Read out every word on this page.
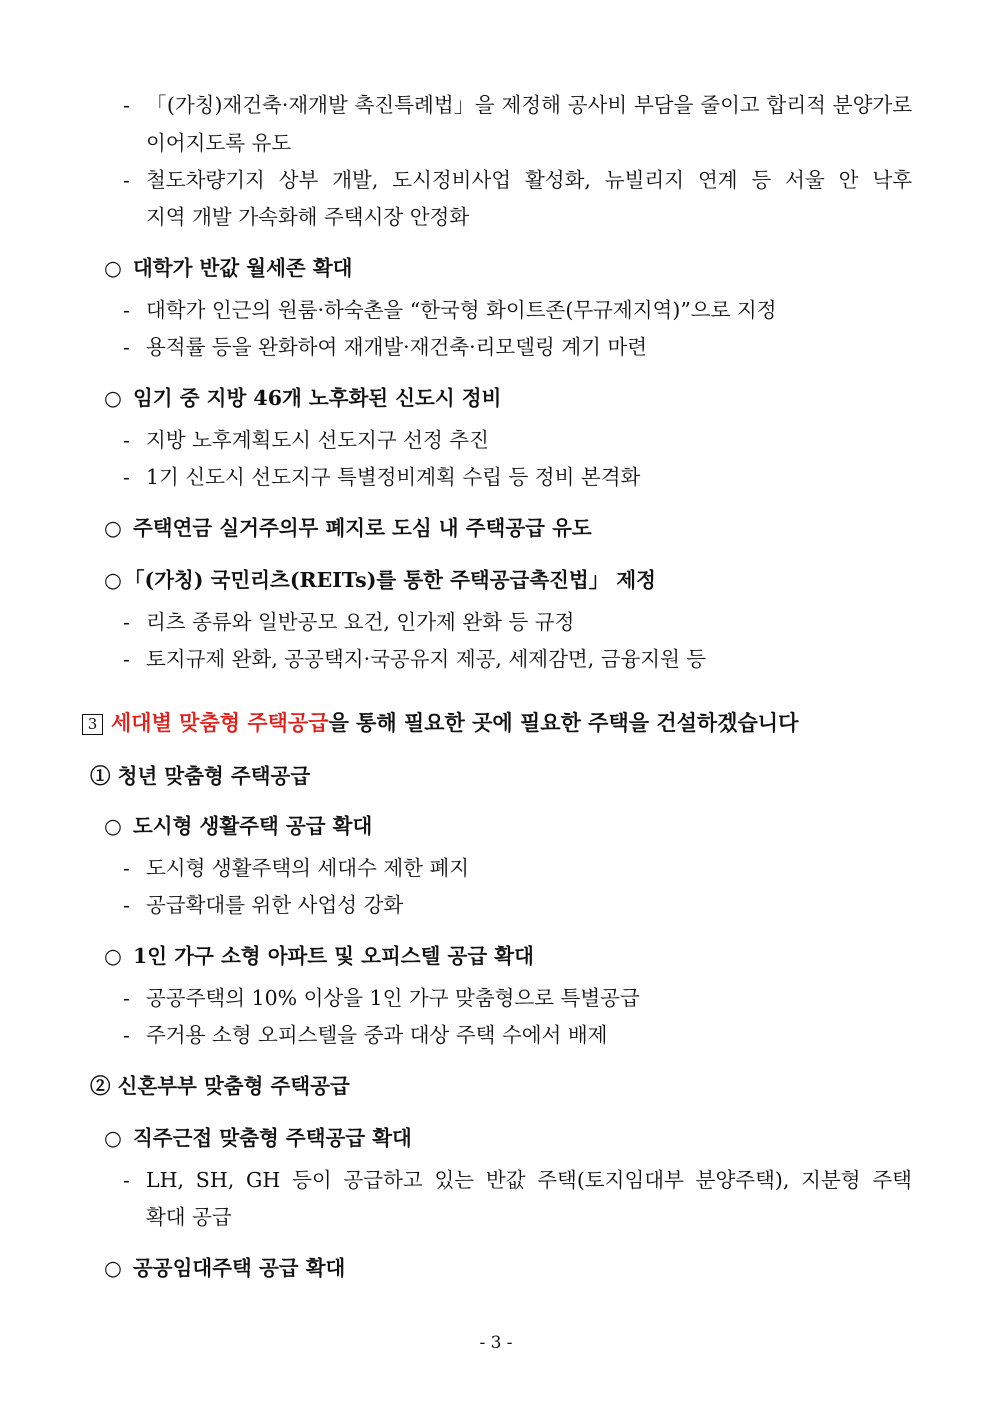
- 「(가칭)재건축·재개발 촉진특례법」을 제정해 공사비 부담을 줄이고 합리적 분양가로
이어지도록 유도
- 철도차량기지 상부 개발, 도시정비사업 활성화, 뉴빌리지 연계 등 서울 안 낙후
지역 개발 가속화해 주택시장 안정화
○ 대학가 반값 월세존 확대
- 대학가 인근의 원룸·하숙촌을 “한국형 화이트존(무규제지역)”으로 지정
- 용적률 등을 완화하여 재개발·재건축·리모델링 계기 마련
○ 임기 중 지방 46개 노후화된 신도시 정비
- 지방 노후계획도시 선도지구 선정 추진
- 1기 신도시 선도지구 특별정비계획 수립 등 정비 본격화
○ 주택연금 실거주의무 폐지로 도심 내 주택공급 유도
○ 「(가칭) 국민리츠(REITs)를 통한 주택공급촉진법」 제정
- 리츠 종류와 일반공모 요건, 인가제 완화 등 규정
- 토지규제 완화, 공공택지·국공유지 제공, 세제감면, 금융지원 등
3 세대별 맞춤형 주택공급을 통해 필요한 곳에 필요한 주택을 건설하겠습니다
① 청년 맞춤형 주택공급
○ 도시형 생활주택 공급 확대
- 도시형 생활주택의 세대수 제한 폐지
- 공급확대를 위한 사업성 강화
○ 1인 가구 소형 아파트 및 오피스텔 공급 확대
- 공공주택의 10% 이상을 1인 가구 맞춤형으로 특별공급
- 주거용 소형 오피스텔을 중과 대상 주택 수에서 배제
② 신혼부부 맞춤형 주택공급
○ 직주근접 맞춤형 주택공급 확대
- LH, SH, GH 등이 공급하고 있는 반값 주택(토지임대부 분양주택), 지분형 주택
확대 공급
○ 공공임대주택 공급 확대
- 3 -
